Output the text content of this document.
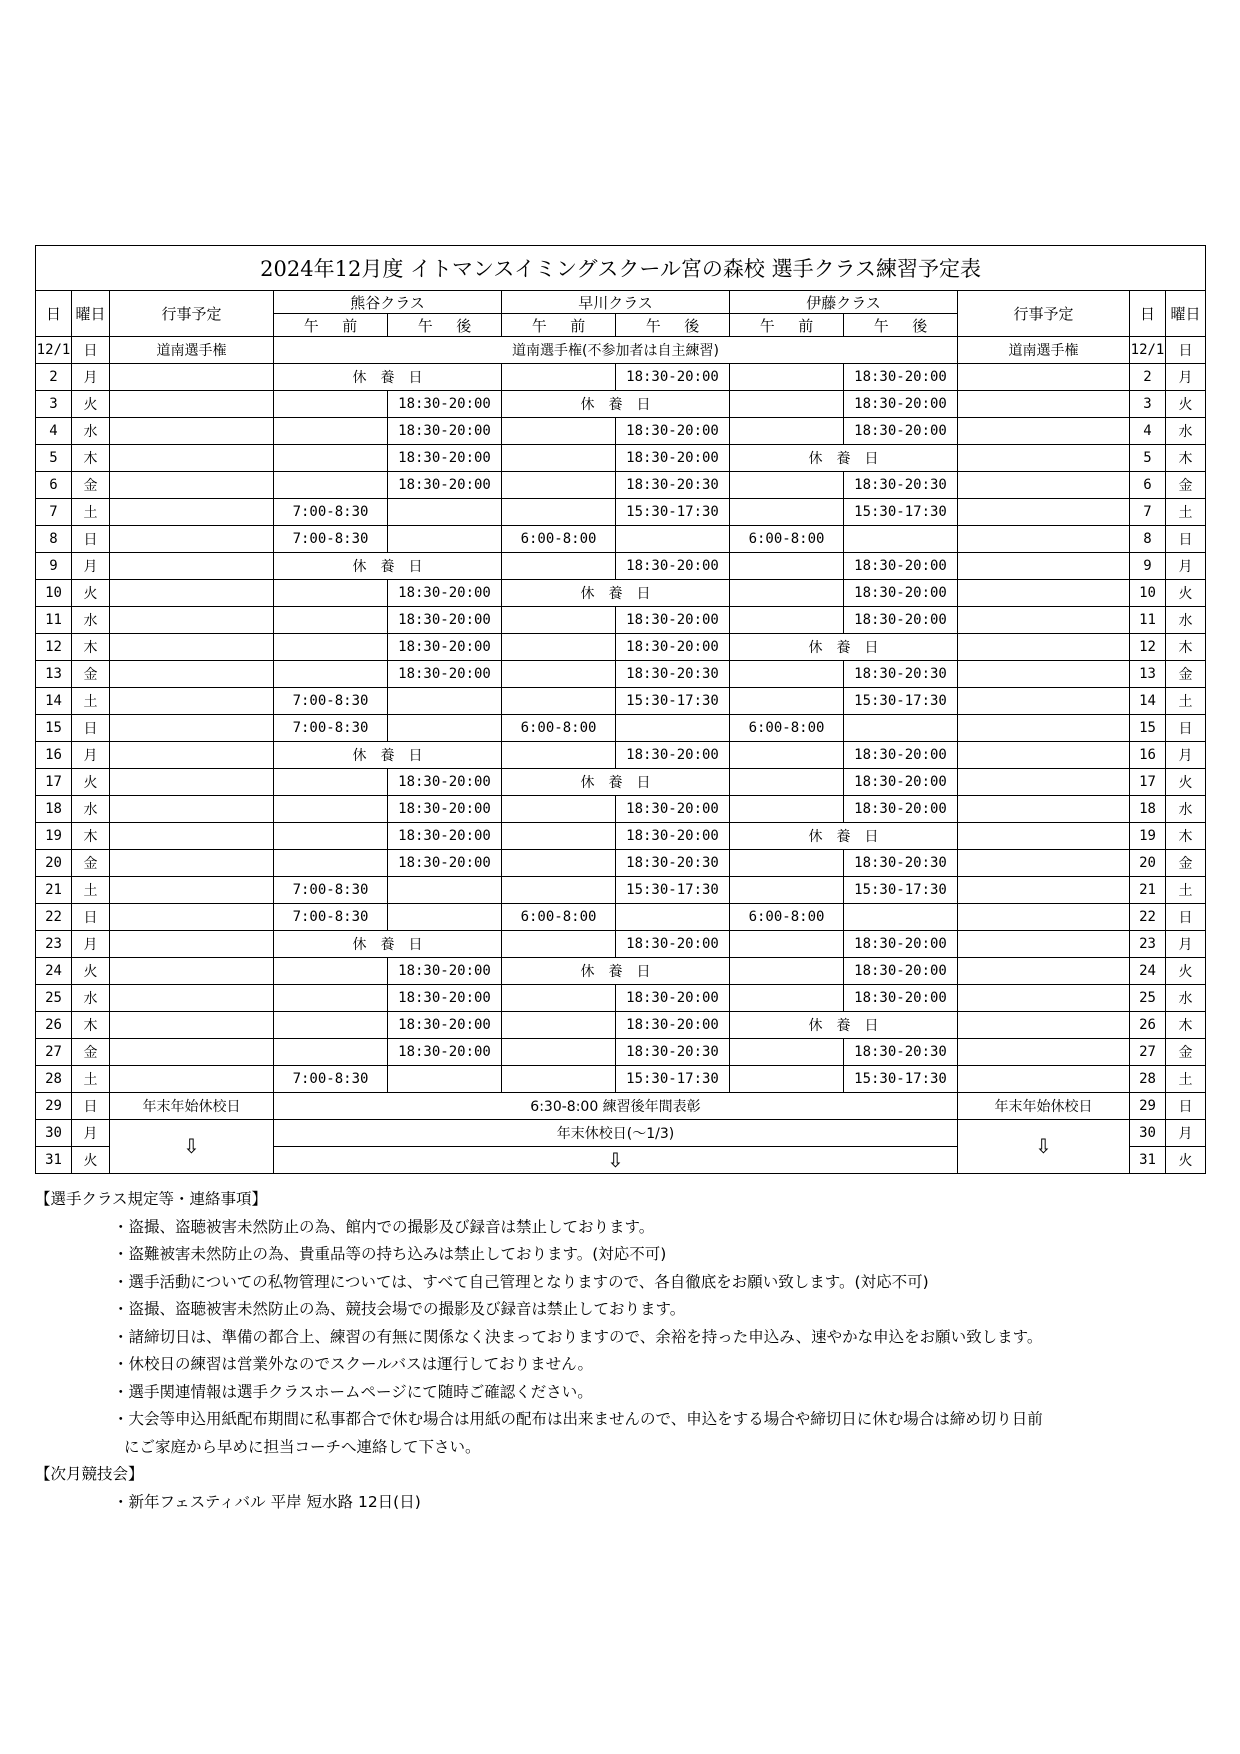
2024年12月度 イトマンスイミングスクール宮の森校 選手クラス練習予定表											
日	曜日	行事予定	熊谷クラス		早川クラス		伊藤クラス		行事予定	日	曜日

			午 前	午 後	午 前	午 後	午 前	午 後			

12/1	日	道南選手権	道南選手権(不参加者は自主練習)						道南選手権	12/1	日
2	月		休　養　日			18:30-20:00		18:30-20:00		2	月
3	火			18:30-20:00	休　養　日			18:30-20:00		3	火
4	水			18:30-20:00		18:30-20:00		18:30-20:00		4	水
5	木			18:30-20:00		18:30-20:00	休　養　日			5	木
6	金			18:30-20:00		18:30-20:30		18:30-20:30		6	金
7	土		7:00-8:30			15:30-17:30		15:30-17:30		7	土
8	日		7:00-8:30		6:00-8:00		6:00-8:00			8	日
9	月		休　養　日			18:30-20:00		18:30-20:00		9	月
10	火			18:30-20:00	休　養　日			18:30-20:00		10	火
11	水			18:30-20:00		18:30-20:00		18:30-20:00		11	水
12	木			18:30-20:00		18:30-20:00	休　養　日			12	木
13	金			18:30-20:00		18:30-20:30		18:30-20:30		13	金
14	土		7:00-8:30			15:30-17:30		15:30-17:30		14	土
15	日		7:00-8:30		6:00-8:00		6:00-8:00			15	日
16	月		休　養　日			18:30-20:00		18:30-20:00		16	月
17	火			18:30-20:00	休　養　日			18:30-20:00		17	火
18	水			18:30-20:00		18:30-20:00		18:30-20:00		18	水
19	木			18:30-20:00		18:30-20:00	休　養　日			19	木
20	金			18:30-20:00		18:30-20:30		18:30-20:30		20	金
21	土		7:00-8:30			15:30-17:30		15:30-17:30		21	土
22	日		7:00-8:30		6:00-8:00		6:00-8:00			22	日
23	月		休　養　日			18:30-20:00		18:30-20:00		23	月
24	火			18:30-20:00	休　養　日			18:30-20:00		24	火
25	水			18:30-20:00		18:30-20:00		18:30-20:00		25	水
26	木			18:30-20:00		18:30-20:00	休　養　日			26	木
27	金			18:30-20:00		18:30-20:30		18:30-20:30		27	金
28	土		7:00-8:30			15:30-17:30		15:30-17:30		28	土
29	日	年末年始休校日	6:30-8:00 練習後年間表彰						年末年始休校日	29	日
30	月	⇩	年末休校日(～1/3)						⇩	30	月
31	火		⇩							31	火
【選手クラス規定等・連絡事項】
・盗撮、盗聴被害未然防止の為、館内での撮影及び録音は禁止しております。
・盗難被害未然防止の為、貴重品等の持ち込みは禁止しております。(対応不可)
・選手活動についての私物管理については、すべて自己管理となりますので、各自徹底をお願い致します。(対応不可)
・盗撮、盗聴被害未然防止の為、競技会場での撮影及び録音は禁止しております。
・諸締切日は、準備の都合上、練習の有無に関係なく決まっておりますので、余裕を持った申込み、速やかな申込をお願い致します。
・休校日の練習は営業外なのでスクールバスは運行しておりません。
・選手関連情報は選手クラスホームページにて随時ご確認ください。
・大会等申込用紙配布期間に私事都合で休む場合は用紙の配布は出来ませんので、申込をする場合や締切日に休む場合は締め切り日前
にご家庭から早めに担当コーチへ連絡して下さい。
【次月競技会】
・新年フェスティバル 平岸 短水路 12日(日)
